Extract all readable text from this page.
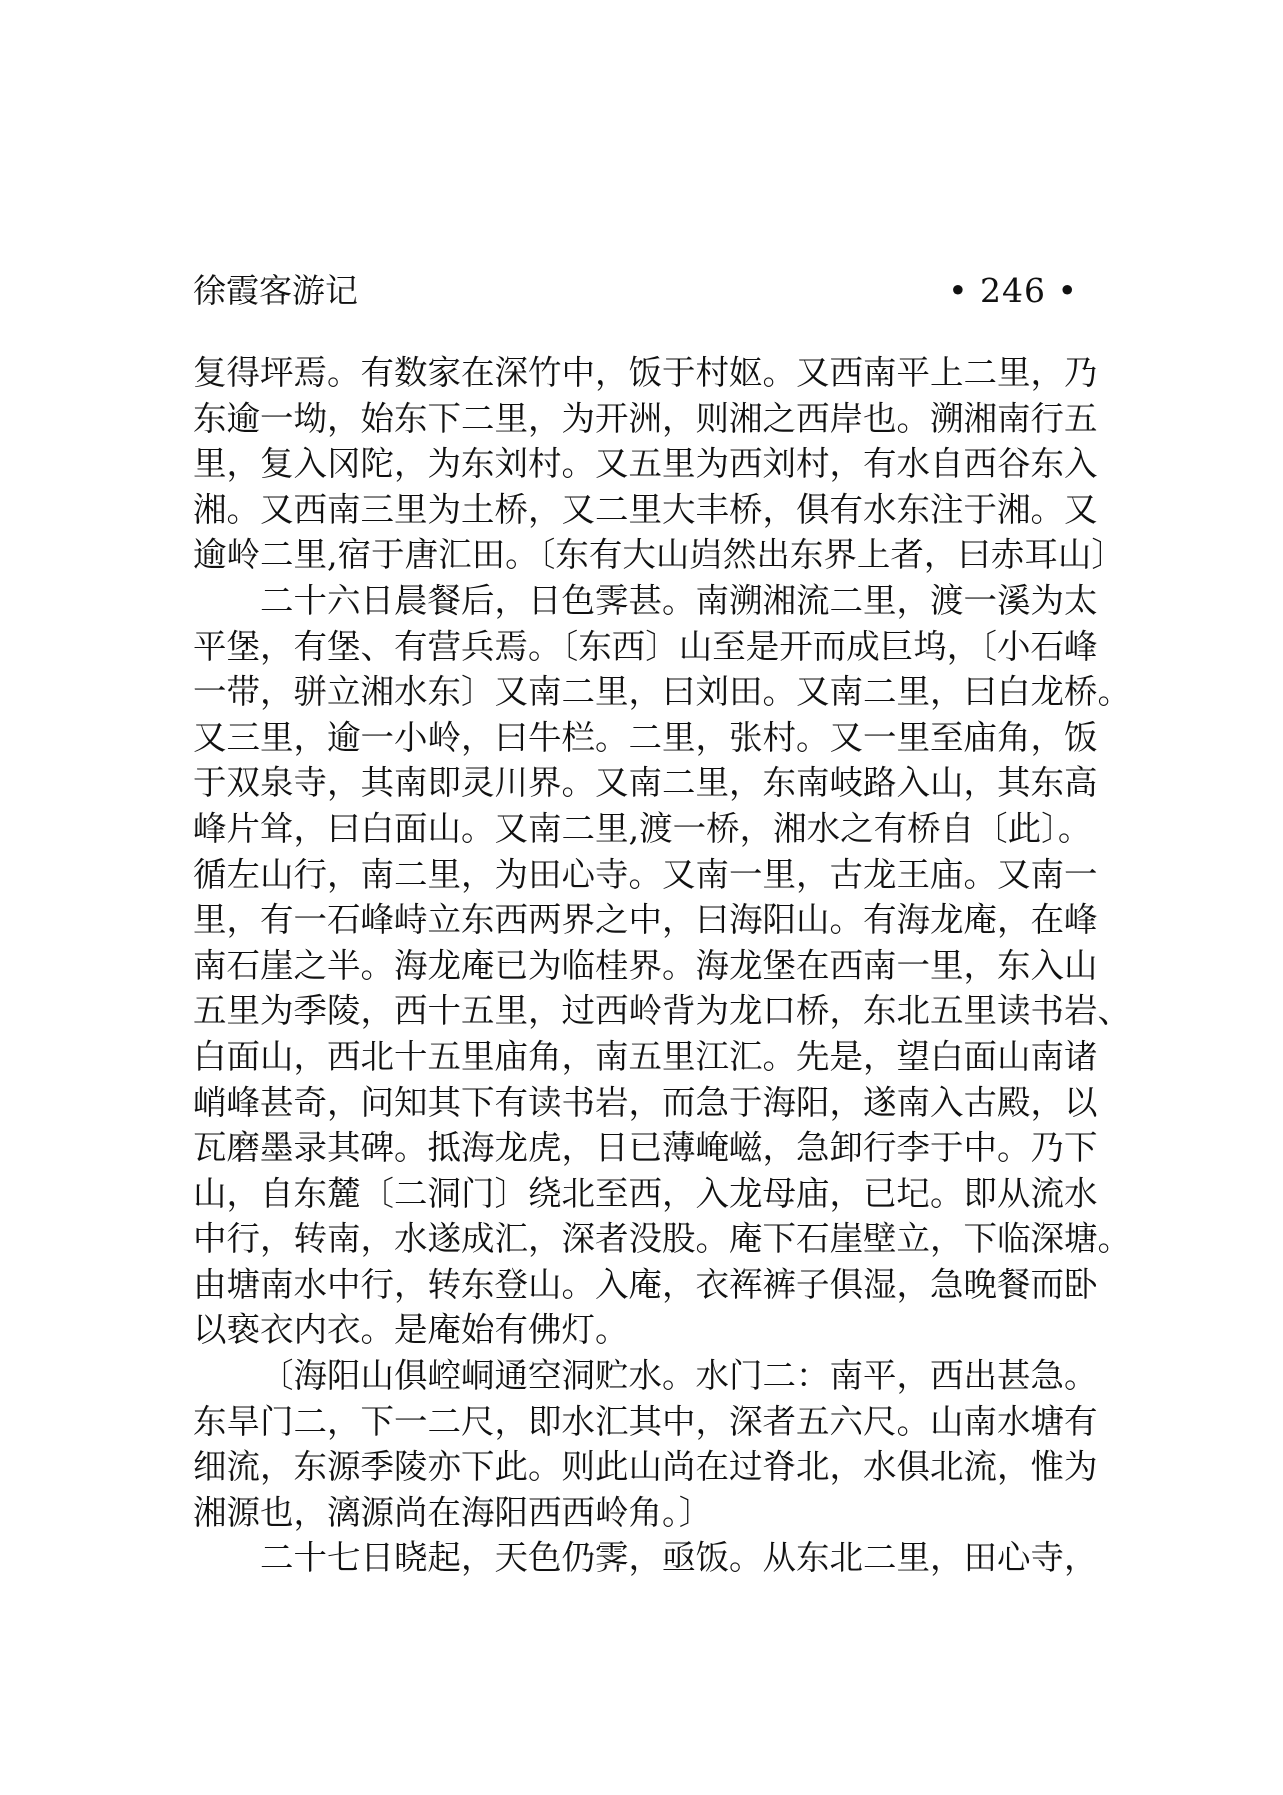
徐霞客游记	• 246 •
复得坪焉。有数家在深竹中，饭于村妪。又西南平上二里，乃
东逾一坳，始东下二里，为开洲，则湘之西岸也。溯湘南行五
里，复入冈陀，为东刘村。又五里为西刘村，有水自西谷东入
湘。又西南三里为土桥，又二里大丰桥，俱有水东注于湘。又
逾岭二里,宿于唐汇田。〔东有大山岿然出东界上者，曰赤耳山〕
二十六日晨餐后，日色霁甚。南溯湘流二里，渡一溪为太
平堡，有堡、有营兵焉。〔东西〕山至是开而成巨坞，〔小石峰
一带，骈立湘水东〕又南二里，曰刘田。又南二里，曰白龙桥。
又三里，逾一小岭，曰牛栏。二里，张村。又一里至庙角，饭
于双泉寺，其南即灵川界。又南二里，东南岐路入山，其东高
峰片耸，曰白面山。又南二里,渡一桥，湘水之有桥自〔此〕。
循左山行，南二里，为田心寺。又南一里，古龙王庙。又南一
里，有一石峰峙立东西两界之中，曰海阳山。有海龙庵，在峰
南石崖之半。海龙庵已为临桂界。海龙堡在西南一里，东入山
五里为季陵，西十五里，过西岭背为龙口桥，东北五里读书岩、
白面山，西北十五里庙角，南五里江汇。先是，望白面山南诸
峭峰甚奇，问知其下有读书岩，而急于海阳，遂南入古殿，以
瓦磨墨录其碑。抵海龙虎，日已薄崦嵫，急卸行李于中。乃下
山，自东麓〔二洞门〕绕北至西，入龙母庙，已圮。即从流水
中行，转南，水遂成汇，深者没股。庵下石崖壁立，下临深塘。
由塘南水中行，转东登山。入庵，衣裈裤子俱湿，急晚餐而卧
以亵衣内衣。是庵始有佛灯。
〔海阳山俱崆峒通空洞贮水。水门二：南平，西出甚急。
东旱门二，下一二尺，即水汇其中，深者五六尺。山南水塘有
细流，东源季陵亦下此。则此山尚在过脊北，水俱北流，惟为
湘源也，漓源尚在海阳西西岭角。〕
二十七日晓起，天色仍霁，亟饭。从东北二里，田心寺，
